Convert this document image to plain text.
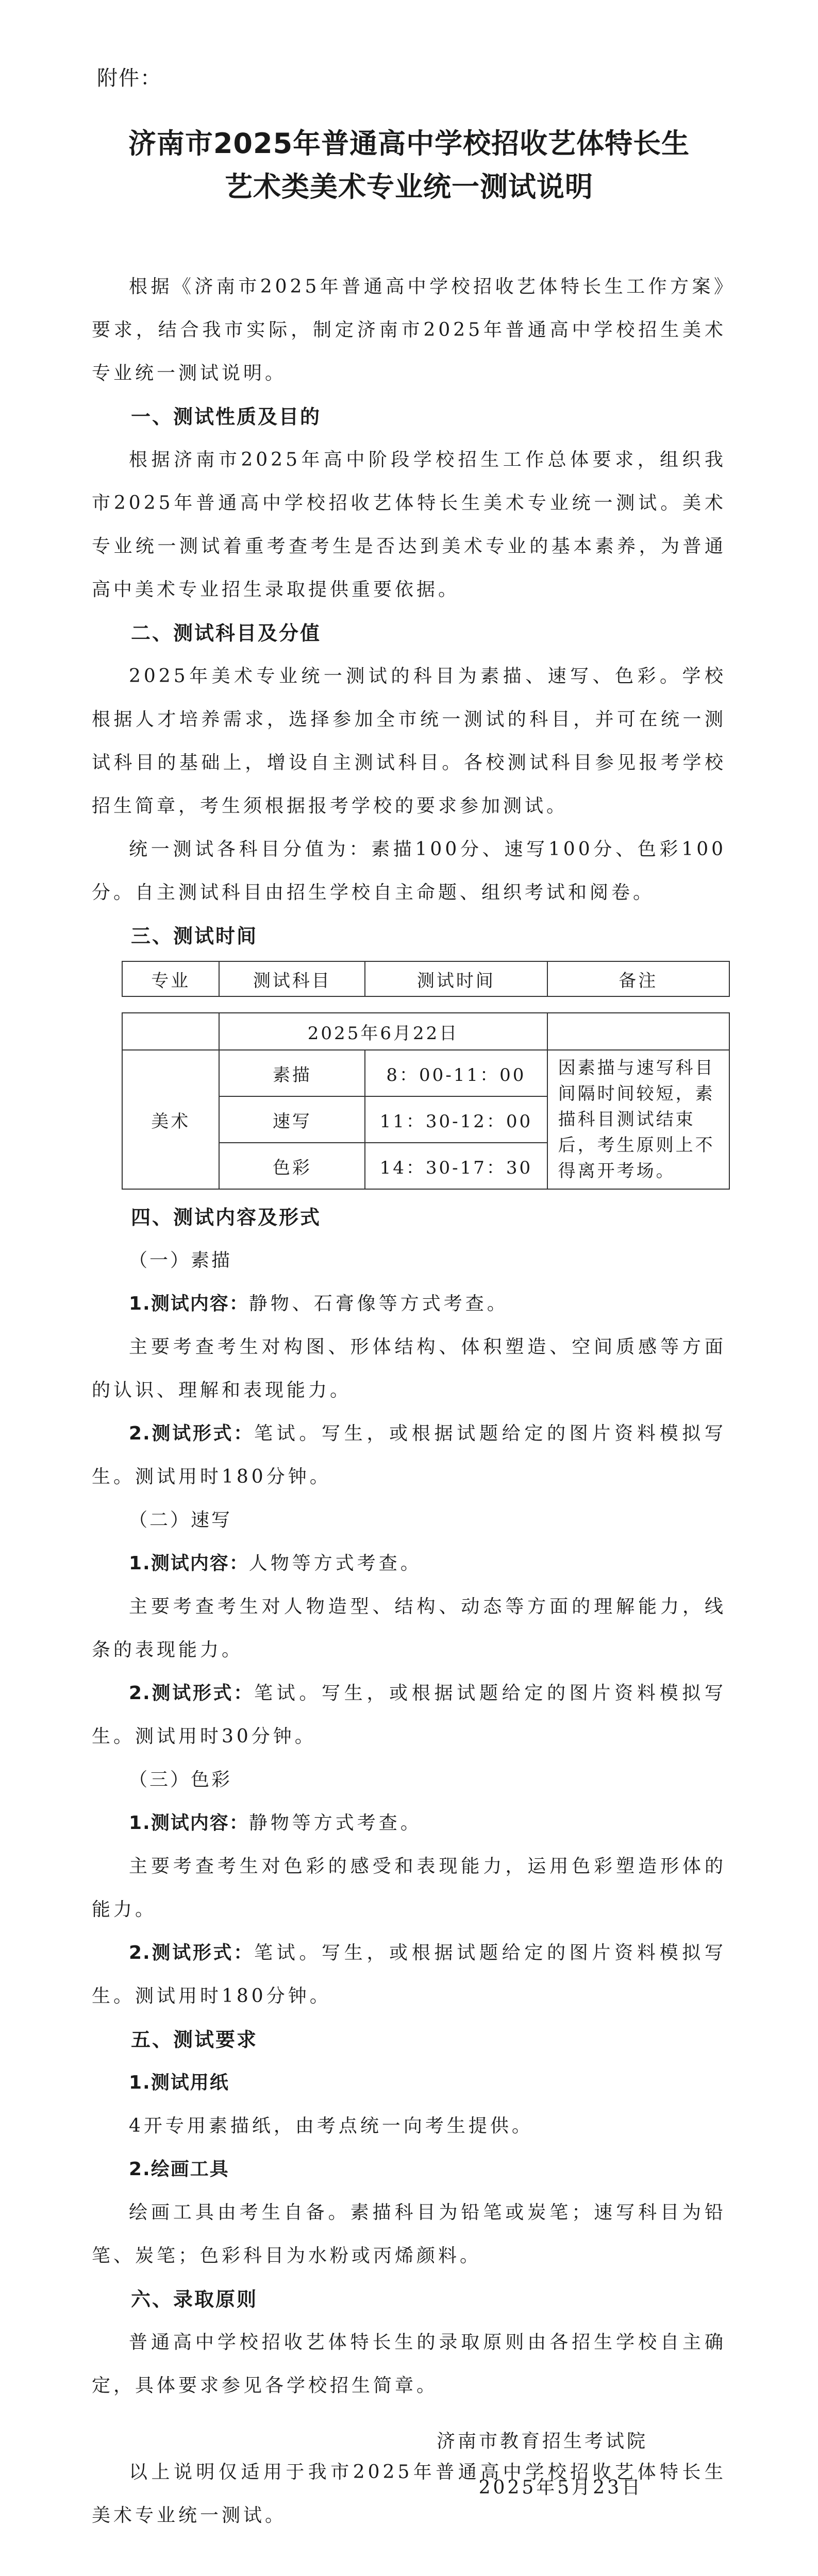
附件：
济南市2025年普通高中学校招收艺体特长生
艺术类美术专业统一测试说明

根据《济南市2025年普通高中学校招收艺体特长生工作方案》要求，结合我市实际，制定济南市2025年普通高中学校招生美术专业统一测试说明。

一、测试性质及目的

根据济南市2025年高中阶段学校招生工作总体要求，组织我市2025年普通高中学校招收艺体特长生美术专业统一测试。美术专业统一测试着重考查考生是否达到美术专业的基本素养，为普通高中美术专业招生录取提供重要依据。

二、测试科目及分值

2025年美术专业统一测试的科目为素描、速写、色彩。学校根据人才培养需求，选择参加全市统一测试的科目，并可在统一测试科目的基础上，增设自主测试科目。各校测试科目参见报考学校招生简章，考生须根据报考学校的要求参加测试。

统一测试各科目分值为：素描100分、速写100分、色彩100分。自主测试科目由招生学校自主命题、组织考试和阅卷。

三、测试时间

专业	测试科目	测试时间	备注

	2025年6月22日		
美术	素描	8：00-11：00	因素描与速写科目间隔时间较短，素描科目测试结束后，考生原则上不得离开考场。
	速写	11：30-12：00	
	色彩	14：30-17：30	

四、测试内容及形式

（一）素描

1.测试内容：静物、石膏像等方式考查。

主要考查考生对构图、形体结构、体积塑造、空间质感等方面的认识、理解和表现能力。

2.测试形式：笔试。写生，或根据试题给定的图片资料模拟写生。测试用时180分钟。

（二）速写

1.测试内容：人物等方式考查。

主要考查考生对人物造型、结构、动态等方面的理解能力，线条的表现能力。

2.测试形式：笔试。写生，或根据试题给定的图片资料模拟写生。测试用时30分钟。

（三）色彩

1.测试内容：静物等方式考查。

主要考查考生对色彩的感受和表现能力，运用色彩塑造形体的能力。

2.测试形式：笔试。写生，或根据试题给定的图片资料模拟写生。测试用时180分钟。

五、测试要求

1.测试用纸

4开专用素描纸，由考点统一向考生提供。

2.绘画工具

绘画工具由考生自备。素描科目为铅笔或炭笔；速写科目为铅笔、炭笔；色彩科目为水粉或丙烯颜料。

六、录取原则

普通高中学校招收艺体特长生的录取原则由各招生学校自主确定，具体要求参见各学校招生简章。

以上说明仅适用于我市2025年普通高中学校招收艺体特长生美术专业统一测试。

济南市教育招生考试院
2025年5月23日
